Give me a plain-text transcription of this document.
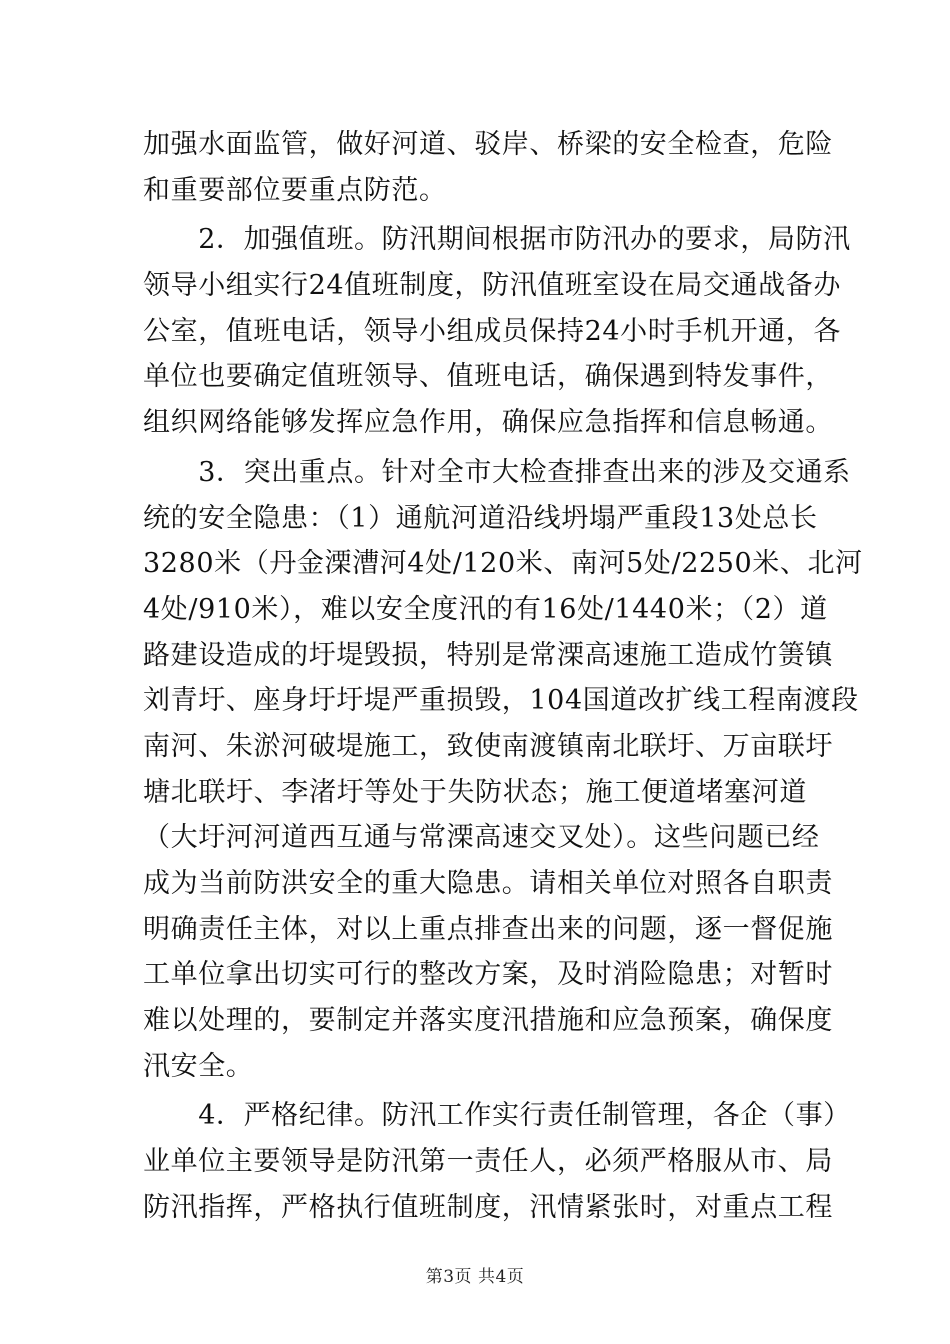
加强水面监管，做好河道、驳岸、桥梁的安全检查，危险
和重要部位要重点防范。
　　2．加强值班。防汛期间根据市防汛办的要求，局防汛
领导小组实行24值班制度，防汛值班室设在局交通战备办
公室，值班电话，领导小组成员保持24小时手机开通，各
单位也要确定值班领导、值班电话，确保遇到特发事件，
组织网络能够发挥应急作用，确保应急指挥和信息畅通。
　　3．突出重点。针对全市大检查排查出来的涉及交通系
统的安全隐患：（1）通航河道沿线坍塌严重段13处总长
3280米（丹金溧漕河4处/120米、南河5处/2250米、北河
4处/910米），难以安全度汛的有16处/1440米；（2）道
路建设造成的圩堤毁损，特别是常溧高速施工造成竹箦镇
刘青圩、座身圩圩堤严重损毁，104国道改扩线工程南渡段
南河、朱淤河破堤施工，致使南渡镇南北联圩、万亩联圩
塘北联圩、李渚圩等处于失防状态；施工便道堵塞河道
（大圩河河道西互通与常溧高速交叉处）。这些问题已经
成为当前防洪安全的重大隐患。请相关单位对照各自职责
明确责任主体，对以上重点排查出来的问题，逐一督促施
工单位拿出切实可行的整改方案，及时消险隐患；对暂时
难以处理的，要制定并落实度汛措施和应急预案，确保度
汛安全。
　　4．严格纪律。防汛工作实行责任制管理，各企（事）
业单位主要领导是防汛第一责任人，必须严格服从市、局
防汛指挥，严格执行值班制度，汛情紧张时，对重点工程
第3页 共4页
